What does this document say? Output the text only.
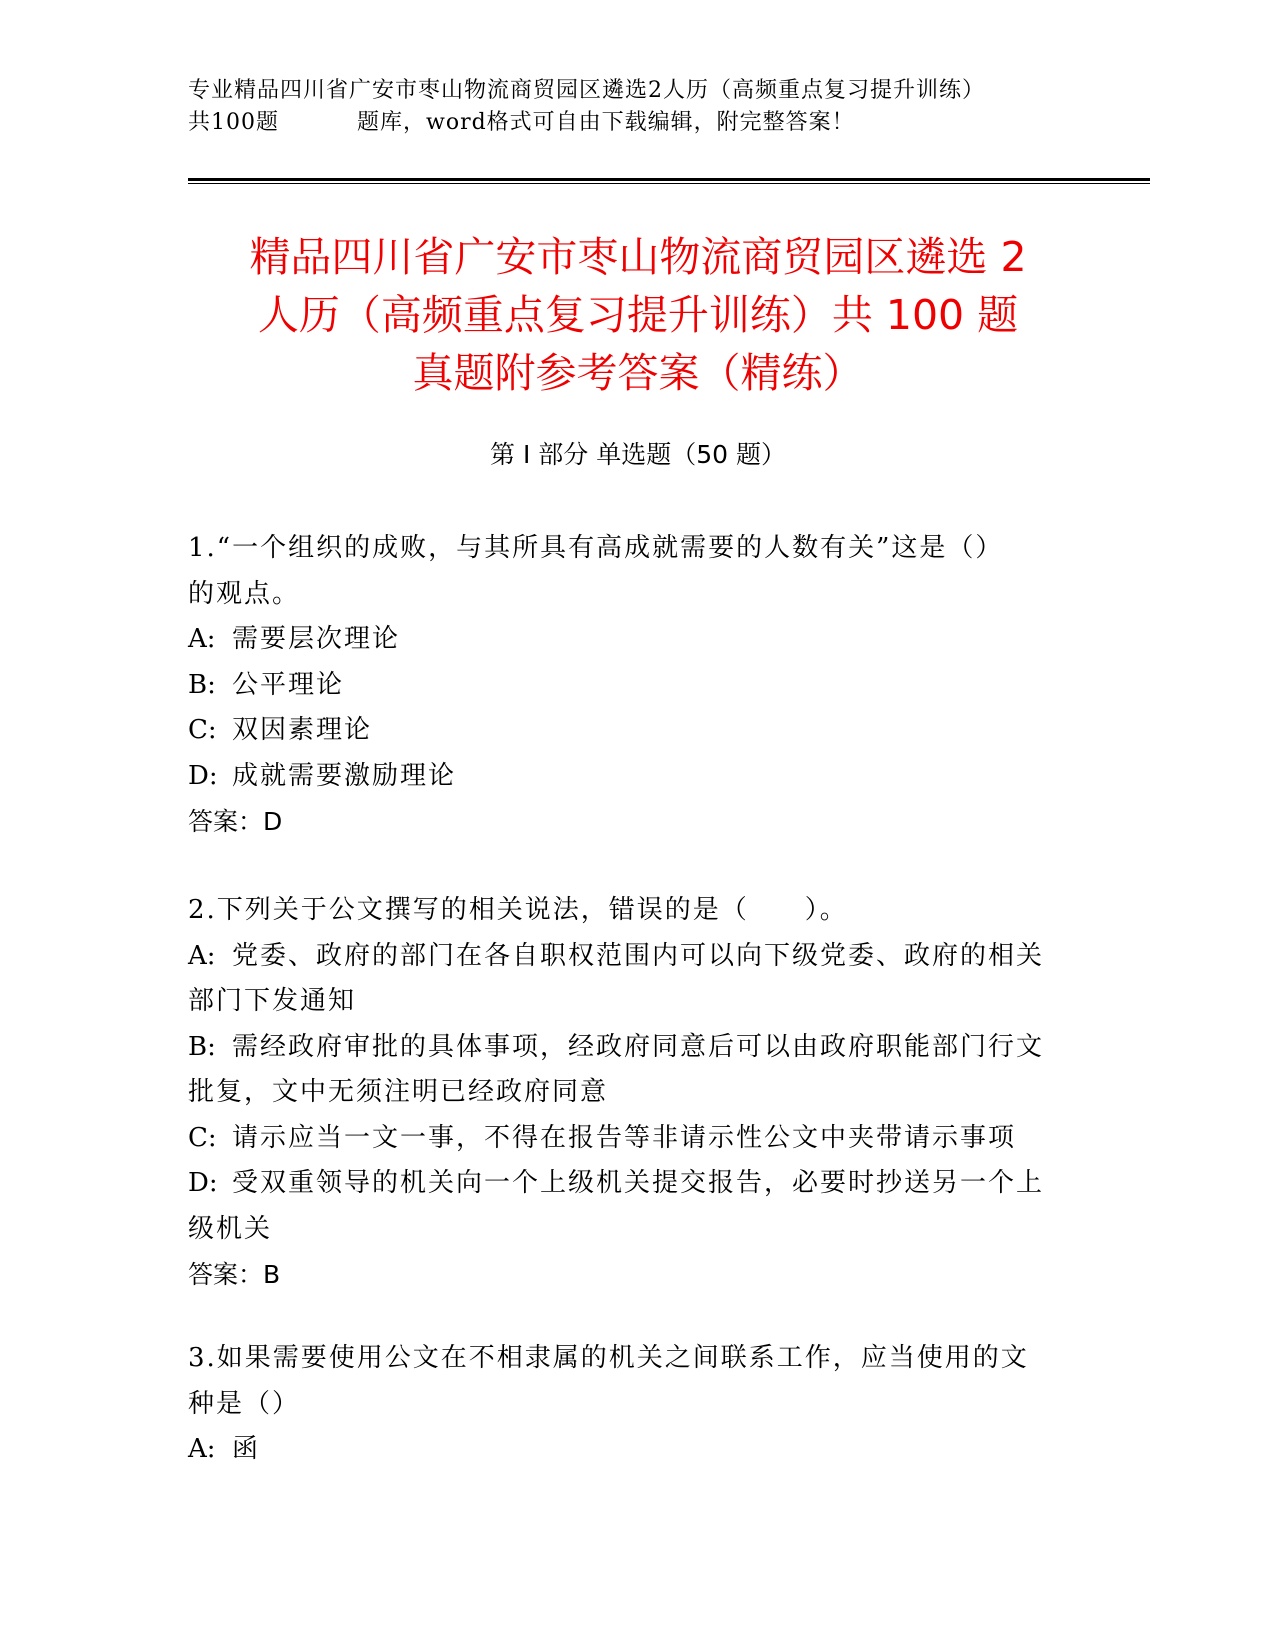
专业精品四川省广安市枣山物流商贸园区遴选2人历（高频重点复习提升训练）
共100题	题库，word格式可自由下载编辑，附完整答案！
精品四川省广安市枣山物流商贸园区遴选 2
人历（高频重点复习提升训练）共 100 题
真题附参考答案（精练）
第 I 部分 单选题（50 题）

1.“一个组织的成败，与其所具有高成就需要的人数有关”这是（）

的观点。

A: 需要层次理论

B: 公平理论

C: 双因素理论

D: 成就需要激励理论

答案：D

2.下列关于公文撰写的相关说法，错误的是（　　）。

A: 党委、政府的部门在各自职权范围内可以向下级党委、政府的相关

部门下发通知

B: 需经政府审批的具体事项，经政府同意后可以由政府职能部门行文

批复，文中无须注明已经政府同意

C: 请示应当一文一事，不得在报告等非请示性公文中夹带请示事项

D: 受双重领导的机关向一个上级机关提交报告，必要时抄送另一个上

级机关

答案：B

3.如果需要使用公文在不相隶属的机关之间联系工作，应当使用的文

种是（）

A: 函
